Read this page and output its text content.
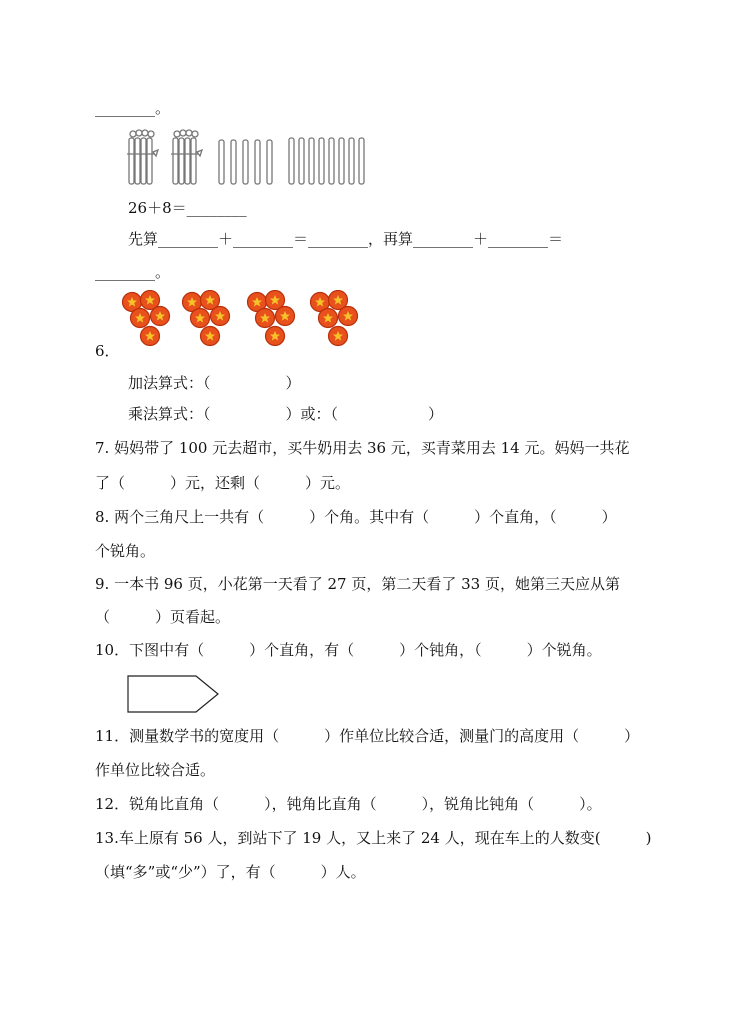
________。
26＋8＝________
先算________＋________＝________，再算________＋________＝
________。
6．
加法算式：（　　　　　）
乘法算式：（　　　　　）或：（　　　　　　）
7. 妈妈带了 100 元去超市，买牛奶用去 36 元，买青菜用去 14 元。妈妈一共花
了（　　　）元，还剩（　　　）元。
8. 两个三角尺上一共有（　　　）个角。其中有（　　　）个直角，（　　　）
个锐角。
9. 一本书 96 页，小花第一天看了 27 页，第二天看了 33 页，她第三天应从第
（　　　）页看起。
10．下图中有（　　　）个直角，有（　　　）个钝角，（　　　）个锐角。
11．测量数学书的宽度用（　　　）作单位比较合适，测量门的高度用（　　　）
作单位比较合适。
12．锐角比直角（　　　），钝角比直角（　　　），锐角比钝角（　　　）。
13.车上原有 56 人，到站下了 19 人，又上来了 24 人，现在车上的人数变(　　　)
（填“多”或“少”）了，有（　　　）人。
